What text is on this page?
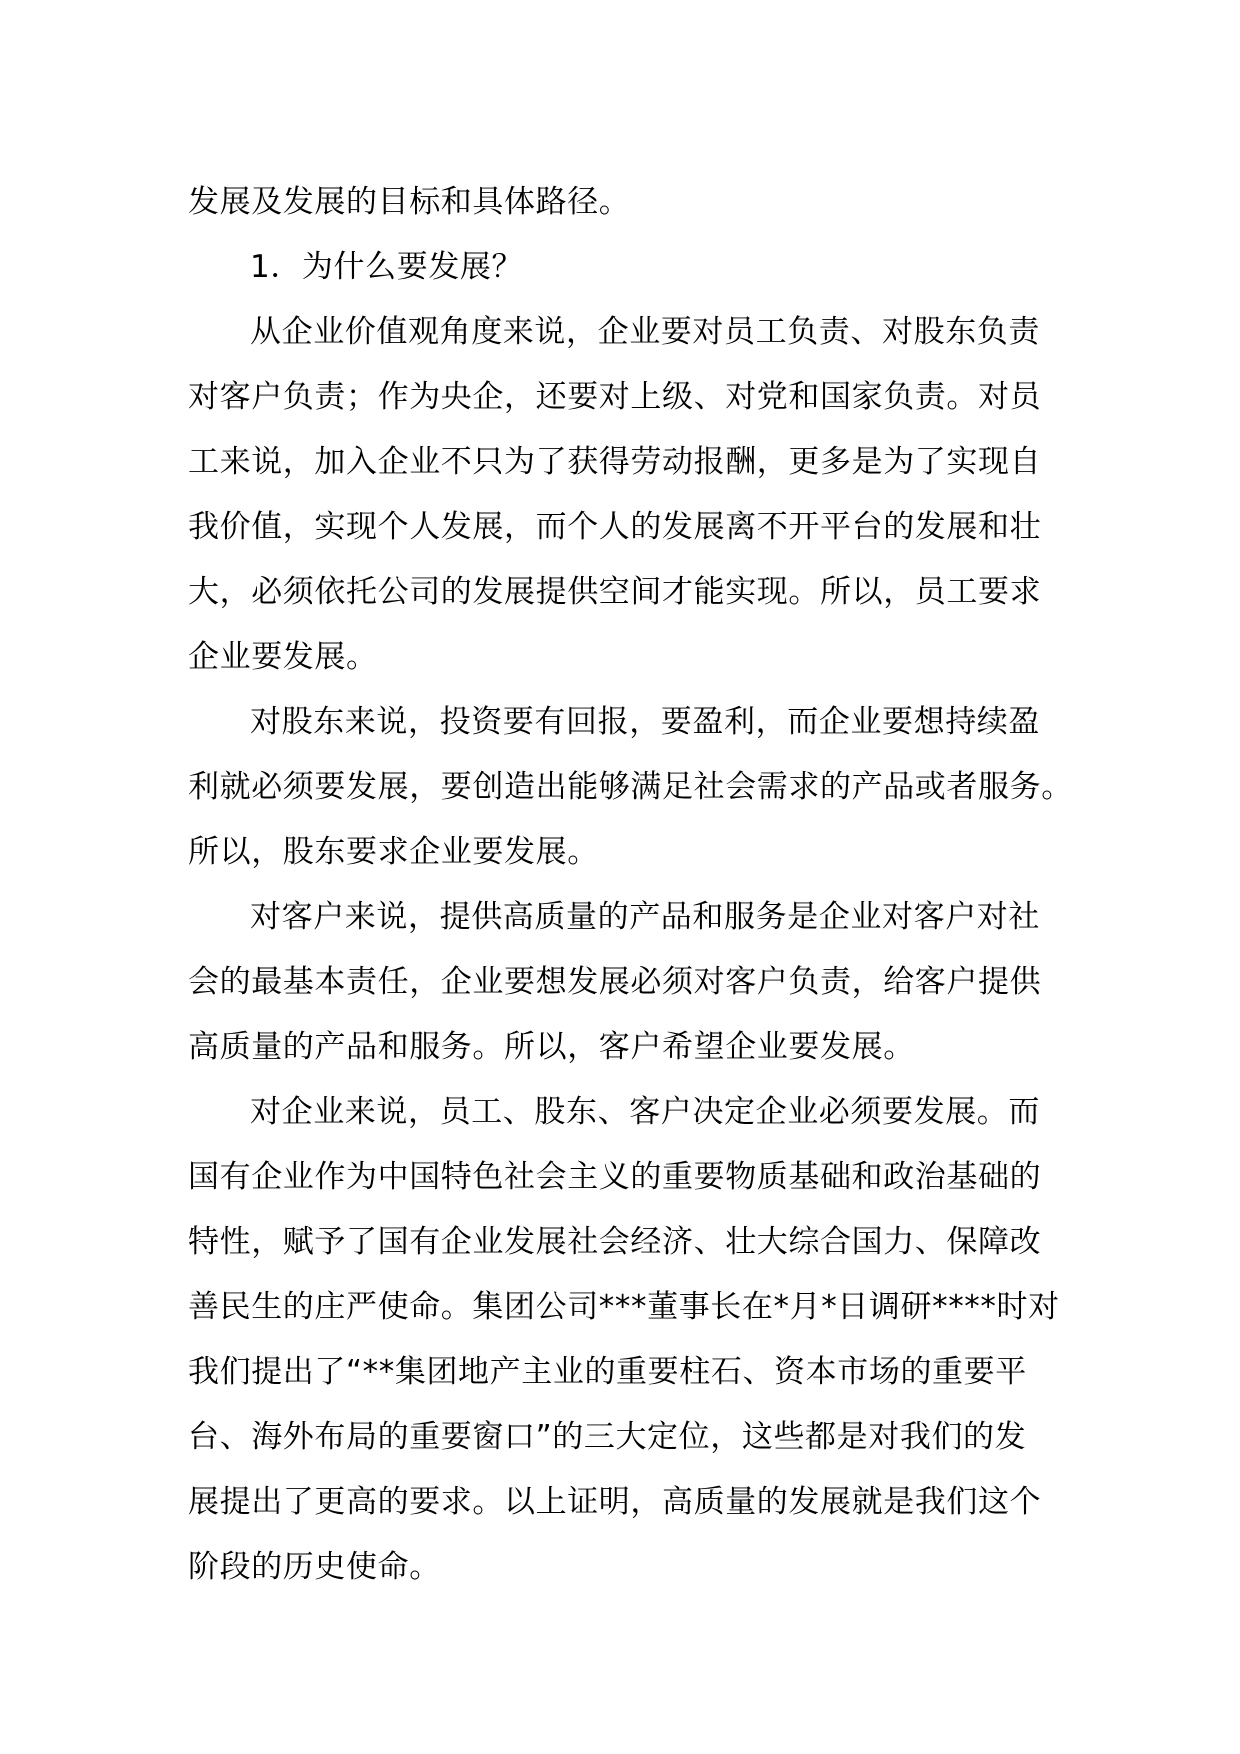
发展及发展的目标和具体路径。
1．为什么要发展？
从企业价值观角度来说，企业要对员工负责、对股东负责
对客户负责；作为央企，还要对上级、对党和国家负责。对员
工来说，加入企业不只为了获得劳动报酬，更多是为了实现自
我价值，实现个人发展，而个人的发展离不开平台的发展和壮
大，必须依托公司的发展提供空间才能实现。所以，员工要求
企业要发展。
对股东来说，投资要有回报，要盈利，而企业要想持续盈
利就必须要发展，要创造出能够满足社会需求的产品或者服务。
所以，股东要求企业要发展。
对客户来说，提供高质量的产品和服务是企业对客户对社
会的最基本责任，企业要想发展必须对客户负责，给客户提供
高质量的产品和服务。所以，客户希望企业要发展。
对企业来说，员工、股东、客户决定企业必须要发展。而
国有企业作为中国特色社会主义的重要物质基础和政治基础的
特性，赋予了国有企业发展社会经济、壮大综合国力、保障改
善民生的庄严使命。集团公司***董事长在*月*日调研****时对
我们提出了“**集团地产主业的重要柱石、资本市场的重要平
台、海外布局的重要窗口”的三大定位，这些都是对我们的发
展提出了更高的要求。以上证明，高质量的发展就是我们这个
阶段的历史使命。
